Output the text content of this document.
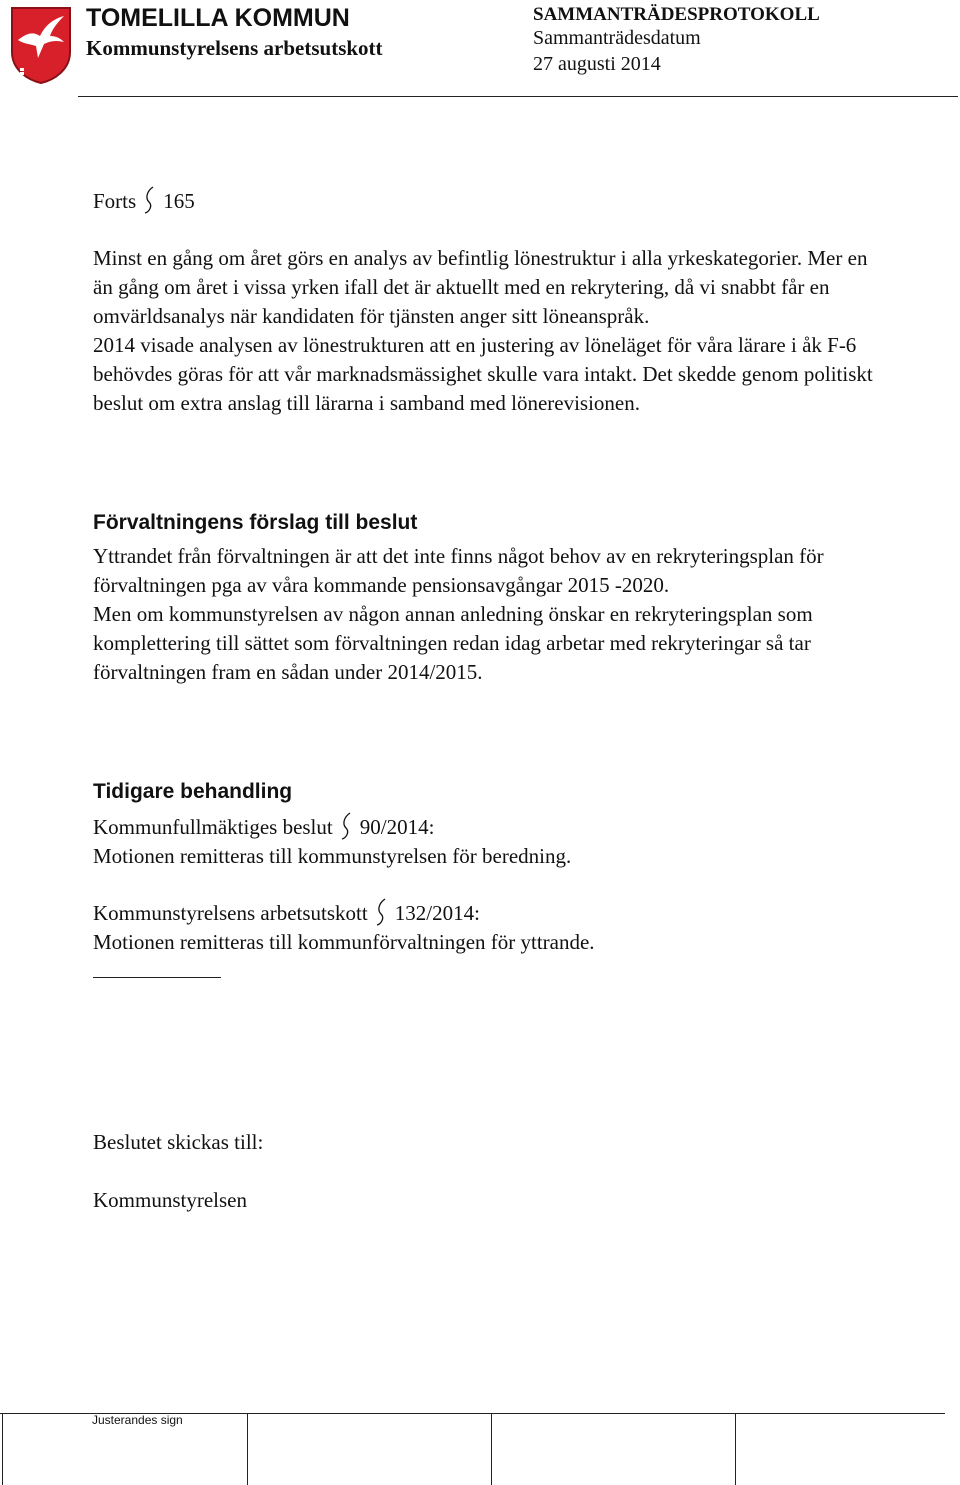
TOMELILLA KOMMUN
Kommunstyrelsens arbetsutskott
SAMMANTRÄDESPROTOKOLL
Sammanträdesdatum
27 augusti 2014
Forts 165

Minst en gång om året görs en analys av befintlig lönestruktur i alla yrkeskategorier. Mer en än gång om året i vissa yrken ifall det är aktuellt med en rekrytering, då vi snabbt får en omvärldsanalys när kandidaten för tjänsten anger sitt löneanspråk.

2014 visade analysen av lönestrukturen att en justering av löneläget för våra lärare i åk F-6 behövdes göras för att vår marknadsmässighet skulle vara intakt. Det skedde genom politiskt beslut om extra anslag till lärarna i samband med lönerevisionen.

Förvaltningens förslag till beslut

Yttrandet från förvaltningen är att det inte finns något behov av en rekryteringsplan för förvaltningen pga av våra kommande pensionsavgångar 2015 -2020.

Men om kommunstyrelsen av någon annan anledning önskar en rekryteringsplan som komplettering till sättet som förvaltningen redan idag arbetar med rekryteringar så tar förvaltningen fram en sådan under 2014/2015.

Tidigare behandling

Kommunfullmäktiges beslut 90/2014:

Motionen remitteras till kommunstyrelsen för beredning.

Kommunstyrelsens arbetsutskott 132/2014:

Motionen remitteras till kommunförvaltningen för yttrande.

Beslutet skickas till:
Kommunstyrelsen
Justerandes sign
